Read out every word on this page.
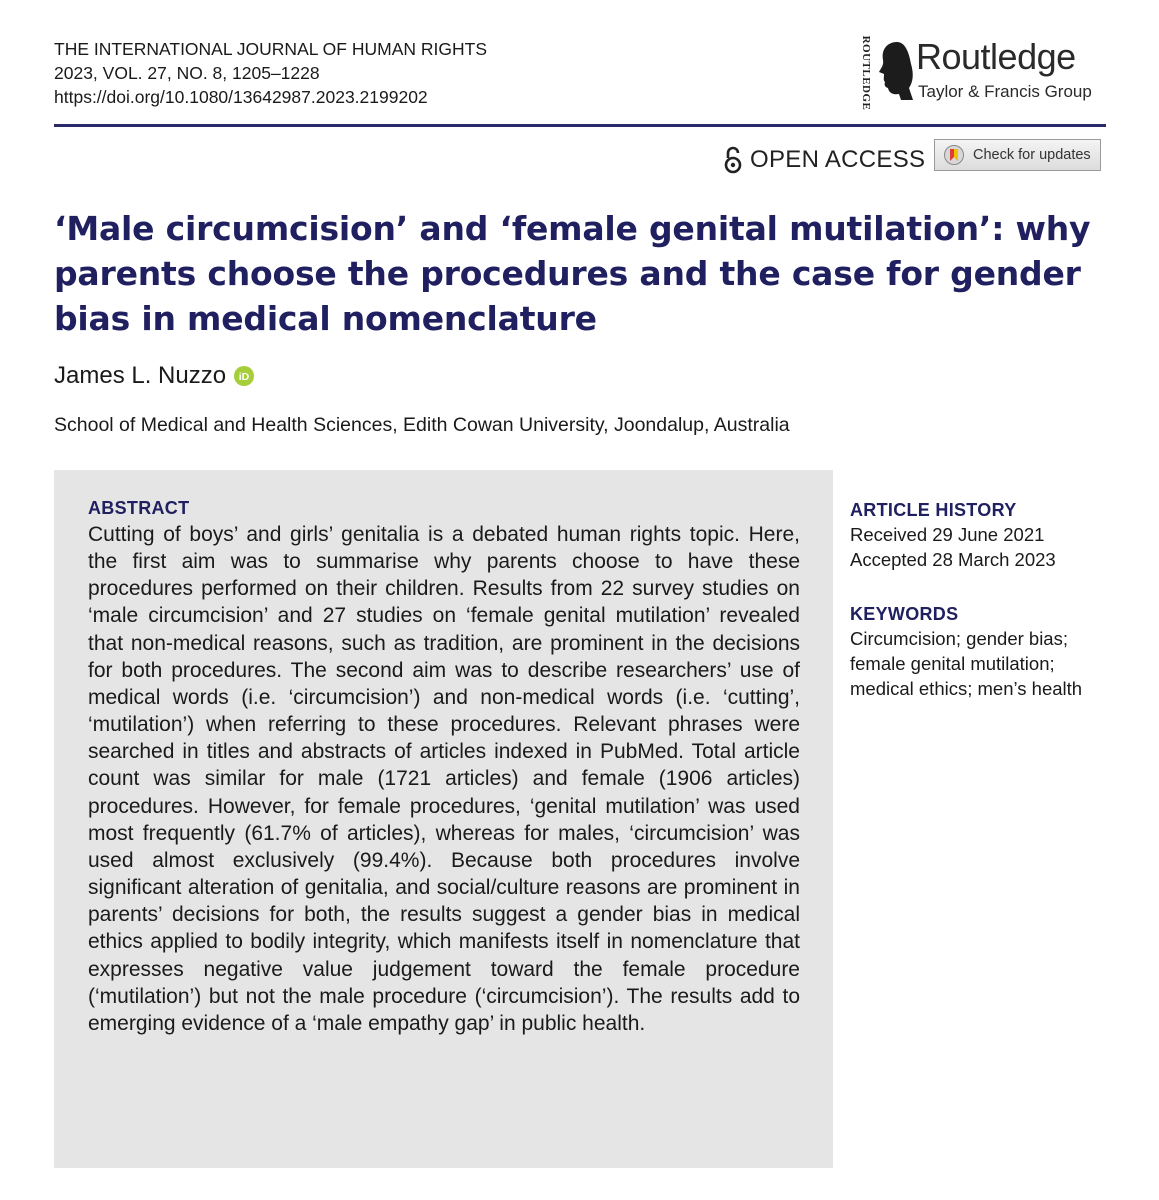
THE INTERNATIONAL JOURNAL OF HUMAN RIGHTS
2023, VOL. 27, NO. 8, 1205–1228
https://doi.org/10.1080/13642987.2023.2199202	ROUTLEDGE Routledge
Taylor & Francis Group
OPEN ACCESS	Check for updates
‘Male circumcision’ and ‘female genital mutilation’: why parents choose the procedures and the case for gender bias in medical nomenclature
James L. Nuzzo iD
School of Medical and Health Sciences, Edith Cowan University, Joondalup, Australia
ABSTRACT

Cutting of boys’ and girls’ genitalia is a debated human rights topic. Here, the first aim was to summarise why parents choose to have these procedures performed on their children. Results from 22 survey studies on ‘male circumcision’ and 27 studies on ‘female genital mutilation’ revealed that non-medical reasons, such as tradition, are prominent in the decisions for both procedures. The second aim was to describe researchers’ use of medical words (i.e. ‘circumcision’) and non-medical words (i.e. ‘cutting’, ‘mutilation’) when referring to these procedures. Relevant phrases were searched in titles and abstracts of articles indexed in PubMed. Total article count was similar for male (1721 articles) and female (1906 articles) procedures. However, for female procedures, ‘genital mutilation’ was used most frequently (61.7% of articles), whereas for males, ‘circumcision’ was used almost exclusively (99.4%). Because both procedures involve significant alteration of genitalia, and social/culture reasons are prominent in parents’ decisions for both, the results suggest a gender bias in medical ethics applied to bodily integrity, which manifests itself in nomenclature that expresses negative value judgement toward the female procedure (‘mutilation’) but not the male procedure (‘circumcision’). The results add to emerging evidence of a ‘male empathy gap’ in public health.

ARTICLE HISTORY
Received 29 June 2021
Accepted 28 March 2023
KEYWORDS
Circumcision; gender bias;
female genital mutilation;
medical ethics; men’s health
